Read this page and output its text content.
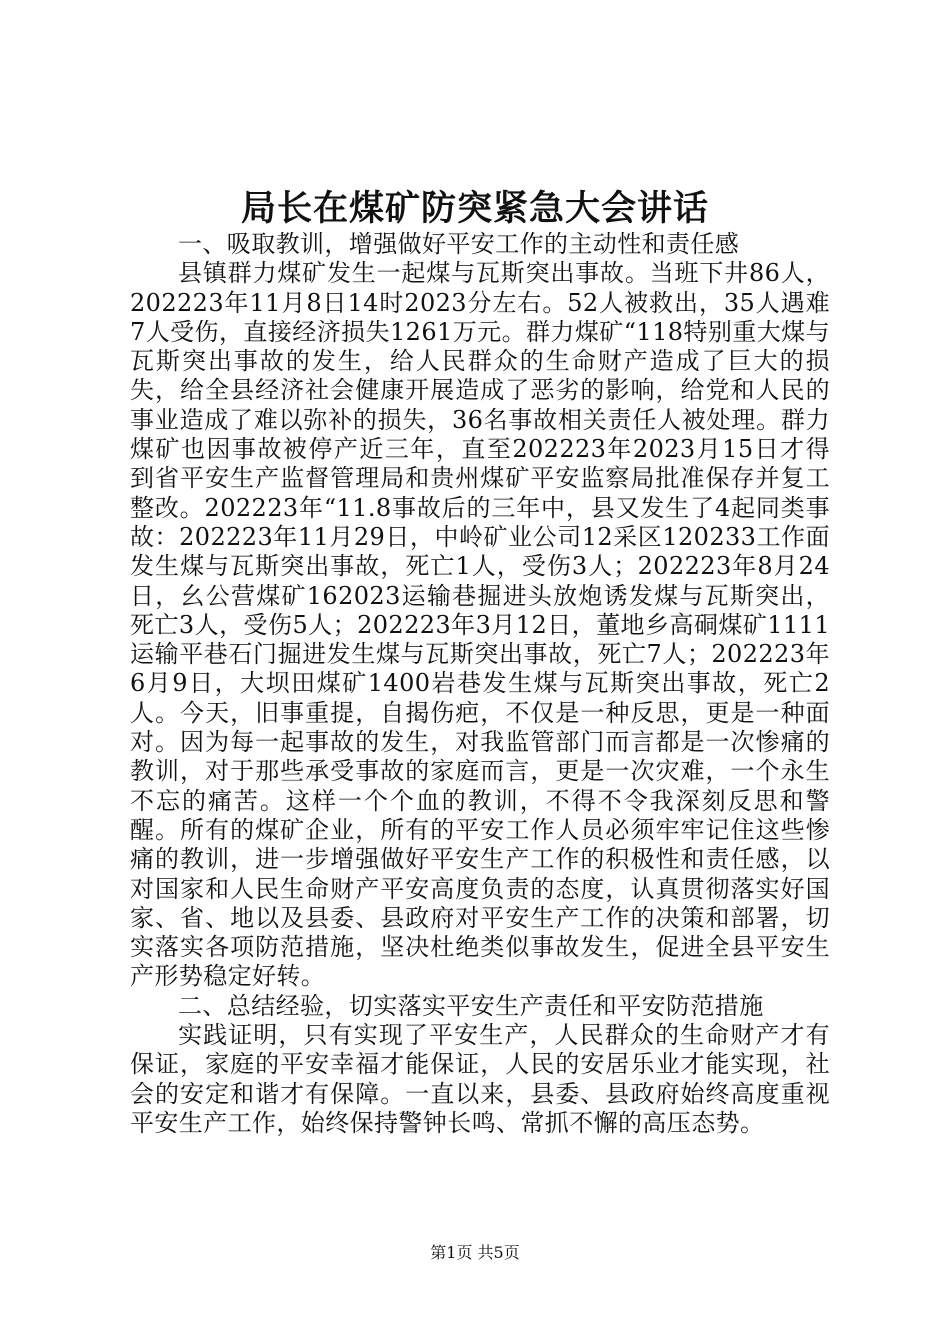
局长在煤矿防突紧急大会讲话

一、吸取教训，增强做好平安工作的主动性和责任感

县镇群力煤矿发生一起煤与瓦斯突出事故。当班下井86人，202223年11月8日14时2023分左右。52人被救出，35人遇难7人受伤，直接经济损失1261万元。群力煤矿“118特别重大煤与瓦斯突出事故的发生，给人民群众的生命财产造成了巨大的损失，给全县经济社会健康开展造成了恶劣的影响，给党和人民的事业造成了难以弥补的损失，36名事故相关责任人被处理。群力煤矿也因事故被停产近三年，直至202223年2023月15日才得到省平安生产监督管理局和贵州煤矿平安监察局批准保存并复工整改。202223年“11.8事故后的三年中，县又发生了4起同类事故：202223年11月29日，中岭矿业公司12采区120233工作面发生煤与瓦斯突出事故，死亡1人，受伤3人；202223年8月24日，幺公营煤矿162023运输巷掘进头放炮诱发煤与瓦斯突出，死亡3人，受伤5人；202223年3月12日，董地乡高硐煤矿1111运输平巷石门掘进发生煤与瓦斯突出事故，死亡7人；202223年6月9日，大坝田煤矿1400岩巷发生煤与瓦斯突出事故，死亡2人。今天，旧事重提，自揭伤疤，不仅是一种反思，更是一种面对。因为每一起事故的发生，对我监管部门而言都是一次惨痛的教训，对于那些承受事故的家庭而言，更是一次灾难，一个永生不忘的痛苦。这样一个个血的教训，不得不令我深刻反思和警醒。所有的煤矿企业，所有的平安工作人员必须牢牢记住这些惨痛的教训，进一步增强做好平安生产工作的积极性和责任感，以对国家和人民生命财产平安高度负责的态度，认真贯彻落实好国家、省、地以及县委、县政府对平安生产工作的决策和部署，切实落实各项防范措施，坚决杜绝类似事故发生，促进全县平安生产形势稳定好转。

二、总结经验，切实落实平安生产责任和平安防范措施

实践证明，只有实现了平安生产，人民群众的生命财产才有保证，家庭的平安幸福才能保证，人民的安居乐业才能实现，社会的安定和谐才有保障。一直以来，县委、县政府始终高度重视平安生产工作，始终保持警钟长鸣、常抓不懈的高压态势。

第1页 共5页
